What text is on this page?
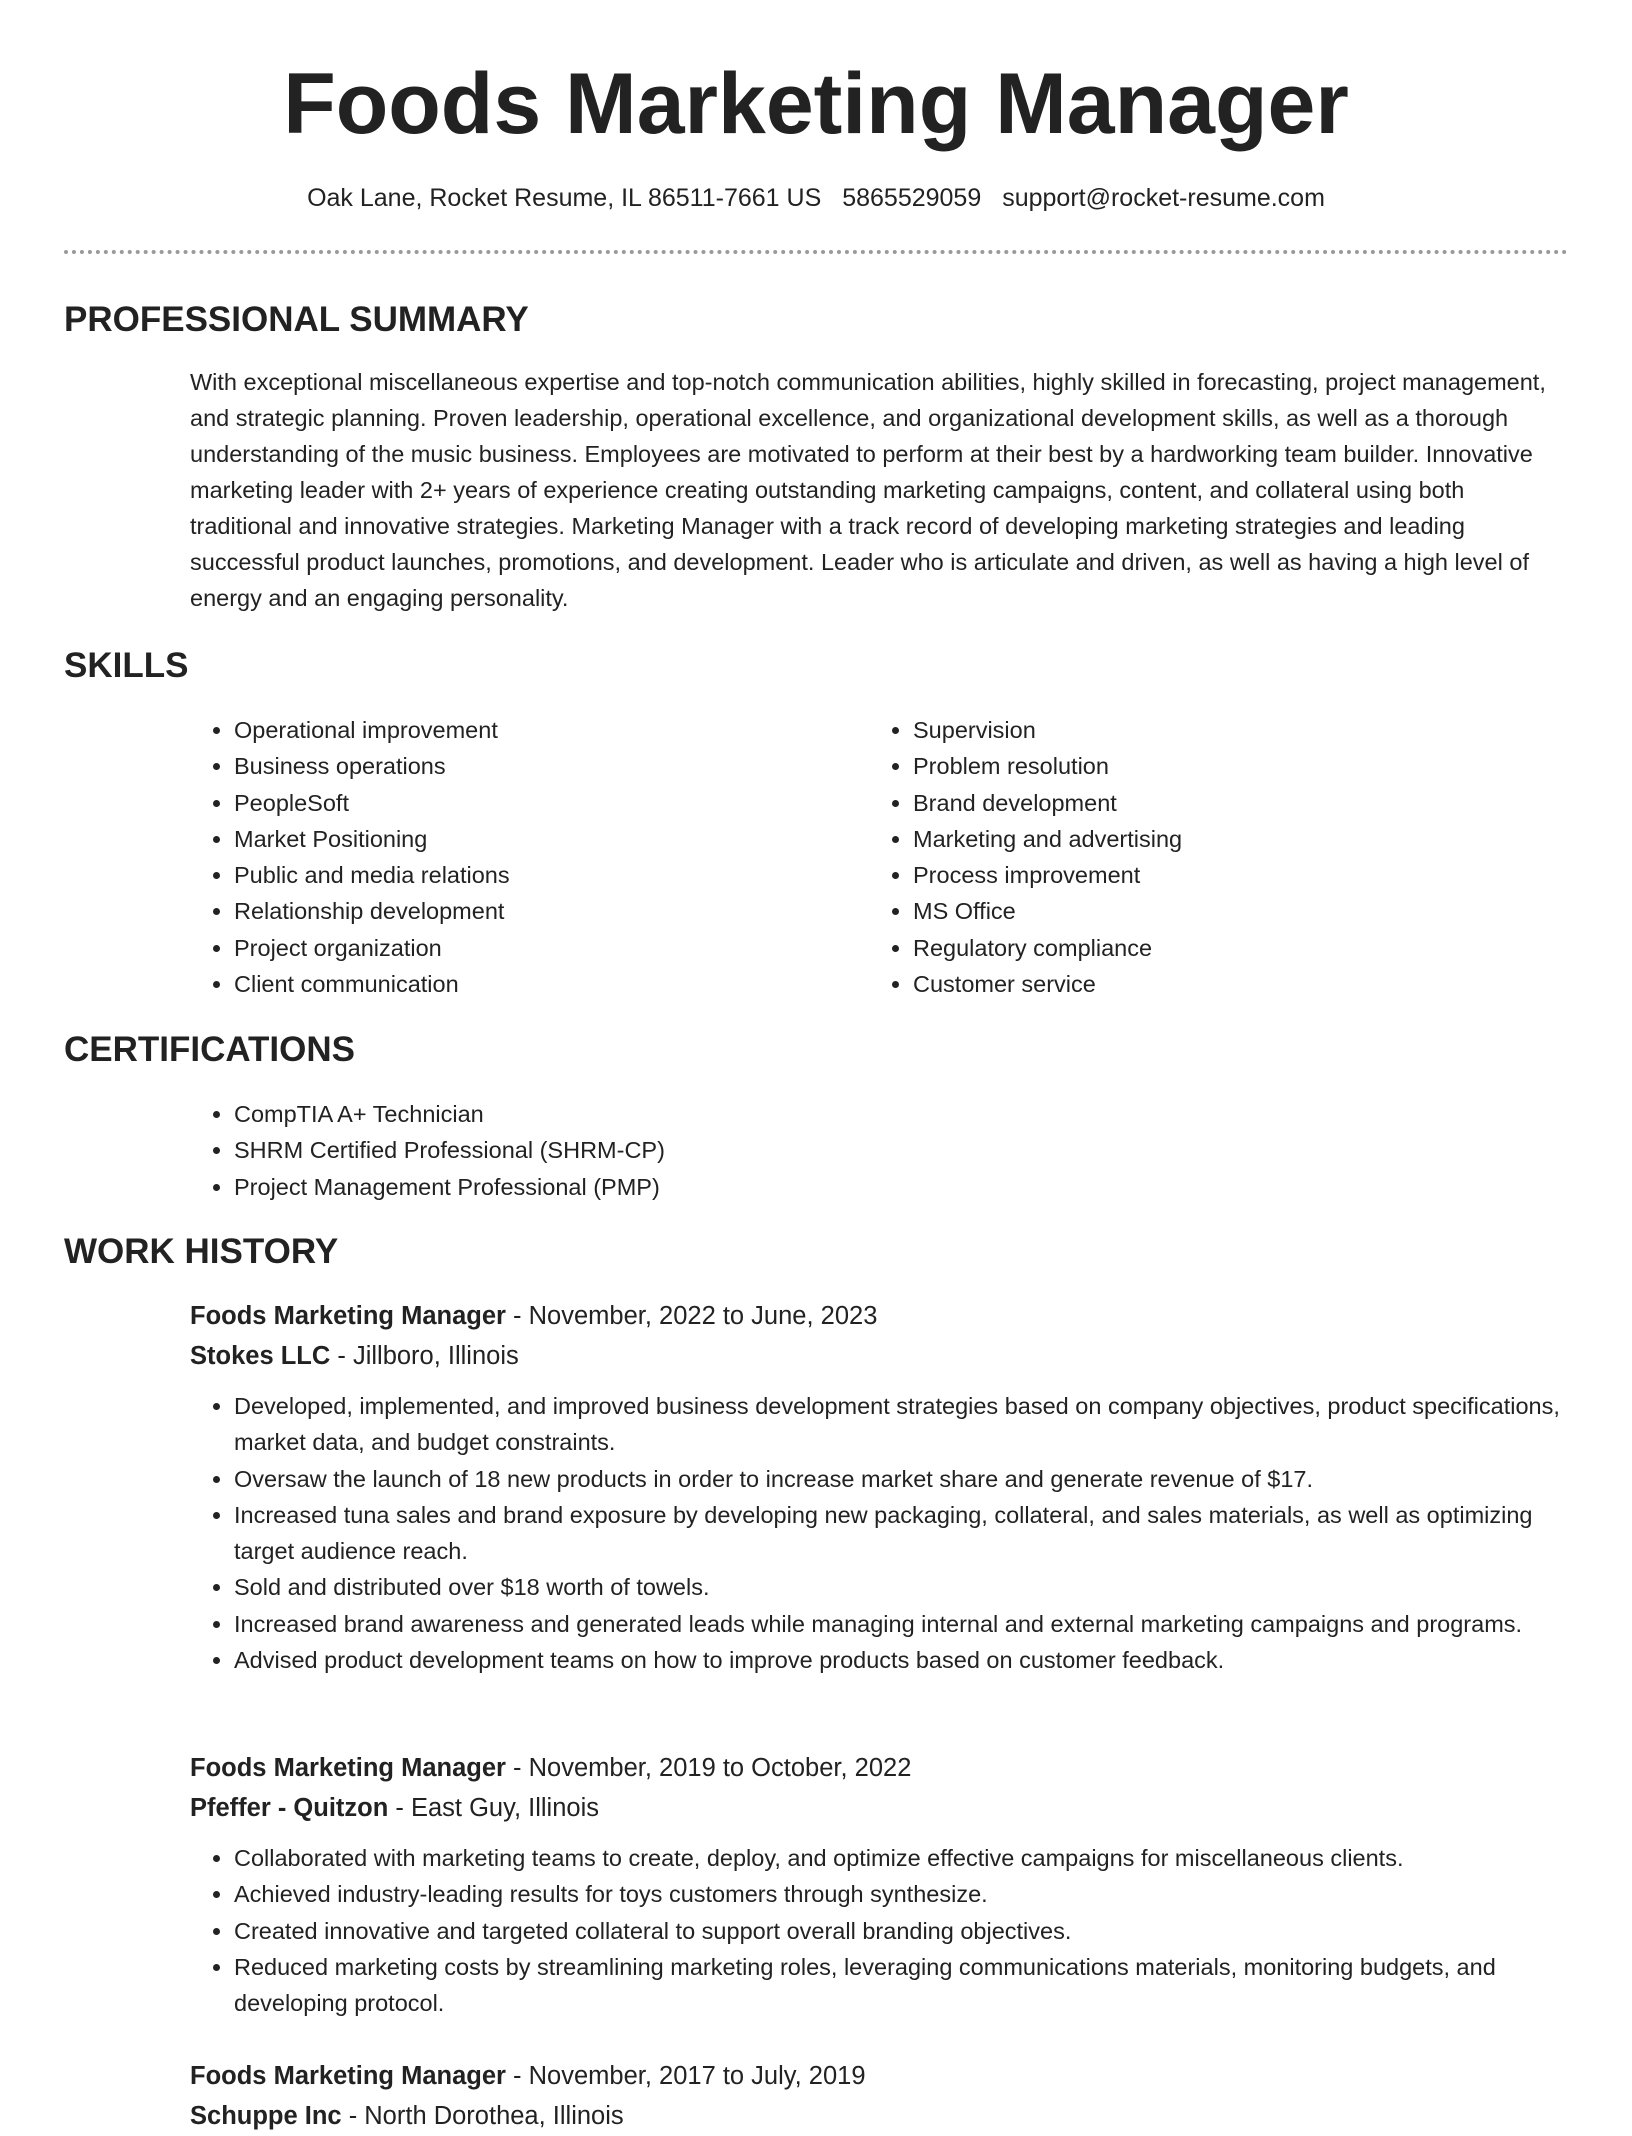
Foods Marketing Manager
Oak Lane, Rocket Resume, IL 86511-7661 US 5865529059 support@rocket-resume.com
PROFESSIONAL SUMMARY

With exceptional miscellaneous expertise and top-notch communication abilities, highly skilled in forecasting, project management, and strategic planning. Proven leadership, operational excellence, and organizational development skills, as well as a thorough understanding of the music business. Employees are motivated to perform at their best by a hardworking team builder. Innovative marketing leader with 2+ years of experience creating outstanding marketing campaigns, content, and collateral using both traditional and innovative strategies. Marketing Manager with a track record of developing marketing strategies and leading successful product launches, promotions, and development. Leader who is articulate and driven, as well as having a high level of energy and an engaging personality.

SKILLS
• Operational improvement
• Business operations
• PeopleSoft
• Market Positioning
• Public and media relations
• Relationship development
• Project organization
• Client communication
• Supervision
• Problem resolution
• Brand development
• Marketing and advertising
• Process improvement
• MS Office
• Regulatory compliance
• Customer service
CERTIFICATIONS
• CompTIA A+ Technician
• SHRM Certified Professional (SHRM-CP)
• Project Management Professional (PMP)
WORK HISTORY

Foods Marketing Manager - November, 2022 to June, 2023

Stokes LLC - Jillboro, Illinois

• Developed, implemented, and improved business development strategies based on company objectives, product specifications, market data, and budget constraints.
• Oversaw the launch of 18 new products in order to increase market share and generate revenue of $17.
• Increased tuna sales and brand exposure by developing new packaging, collateral, and sales materials, as well as optimizing target audience reach.
• Sold and distributed over $18 worth of towels.
• Increased brand awareness and generated leads while managing internal and external marketing campaigns and programs.
• Advised product development teams on how to improve products based on customer feedback.

Foods Marketing Manager - November, 2019 to October, 2022

Pfeffer - Quitzon - East Guy, Illinois

• Collaborated with marketing teams to create, deploy, and optimize effective campaigns for miscellaneous clients.
• Achieved industry-leading results for toys customers through synthesize.
• Created innovative and targeted collateral to support overall branding objectives.
• Reduced marketing costs by streamlining marketing roles, leveraging communications materials, monitoring budgets, and developing protocol.

Foods Marketing Manager - November, 2017 to July, 2019

Schuppe Inc - North Dorothea, Illinois
